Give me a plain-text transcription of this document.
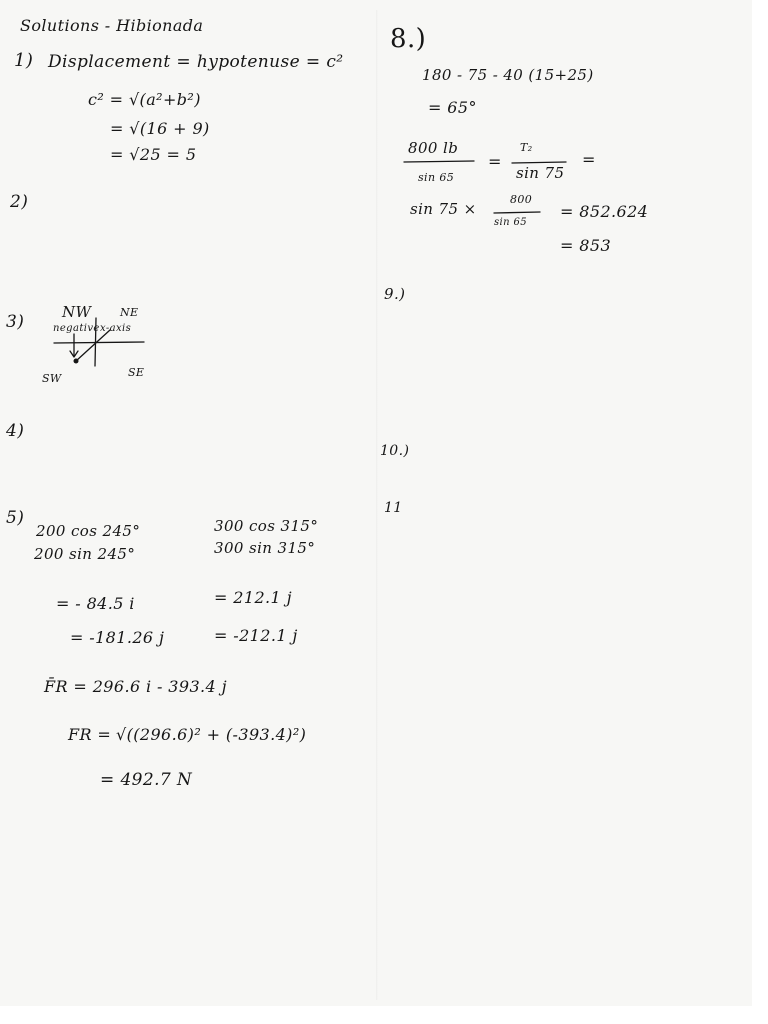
Solutions - Hibionada
1) Displacement = hypotenuse = c²
c² = √(a²+b²)
= √(16 + 9)
= √25 = 5
2)
3)	NW	NE
negative x-axis
SW	SE
4)
5)
200 cos 245°
200 sin 245°
300 cos 315°
300 sin 315°
= - 84.5 i
= -181.26 j
= 212.1 j
= -212.1 j
F̄R = 296.6 i - 393.4 j
FR = √((296.6)² + (-393.4)²)
= 492.7 N
8.)
180 - 75 - 40 (15+25)
= 65°
800 lb
sin 65
=
T₂
sin 75
=
sin 75 ×
800
sin 65
= 852.624
= 853
9.)
10.)
11
